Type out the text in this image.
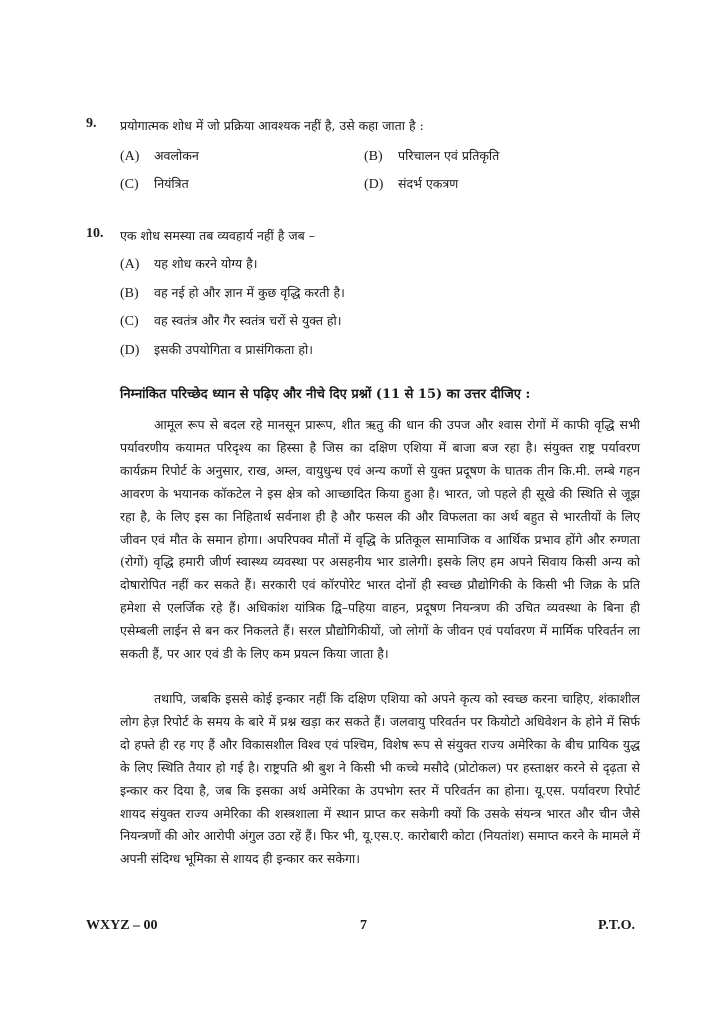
9. प्रयोगात्मक शोध में जो प्रक्रिया आवश्यक नहीं है, उसे कहा जाता है :
(A) अवलोकन	(B) परिचालन एवं प्रतिकृति
(C) नियंत्रित	(D) संदर्भ एकत्रण
10. एक शोध समस्या तब व्यवहार्य नहीं है जब –
(A) यह शोध करने योग्य है।
(B) वह नई हो और ज्ञान में कुछ वृद्धि करती है।
(C) वह स्वतंत्र और गैर स्वतंत्र चरों से युक्त हो।
(D) इसकी उपयोगिता व प्रासंगिकता हो।
निम्नांकित परिच्छेद ध्यान से पढ़िए और नीचे दिए प्रश्नों (11 से 15) का उत्तर दीजिए :

आमूल रूप से बदल रहे मानसून प्रारूप, शीत ऋतु की धान की उपज और श्वास रोगों में काफी वृद्धि सभी पर्यावरणीय कयामत परिदृश्य का हिस्सा है जिस का दक्षिण एशिया में बाजा बज रहा है। संयुक्त राष्ट्र पर्यावरण कार्यक्रम रिपोर्ट के अनुसार, राख, अम्ल, वायुधुन्ध एवं अन्य कणों से युक्त प्रदूषण के घातक तीन कि.मी. लम्बे गहन आवरण के भयानक कॉकटेल ने इस क्षेत्र को आच्छादित किया हुआ है। भारत, जो पहले ही सूखे की स्थिति से जूझ रहा है, के लिए इस का निहितार्थ सर्वनाश ही है और फसल की और विफलता का अर्थ बहुत से भारतीयों के लिए जीवन एवं मौत के समान होगा। अपरिपक्व मौतों में वृद्धि के प्रतिकूल सामाजिक व आर्थिक प्रभाव होंगे और रुग्णता (रोगों) वृद्धि हमारी जीर्ण स्वास्थ्य व्यवस्था पर असहनीय भार डालेगी। इसके लिए हम अपने सिवाय किसी अन्य को दोषारोपित नहीं कर सकते हैं। सरकारी एवं कॉरपोरेट भारत दोनों ही स्वच्छ प्रौद्योगिकी के किसी भी जिक्र के प्रति हमेशा से एलर्जिक रहे हैं। अधिकांश यांत्रिक द्वि–पहिया वाहन, प्रदूषण नियन्त्रण की उचित व्यवस्था के बिना ही एसेम्बली लाईन से बन कर निकलते हैं। सरल प्रौद्योगिकीयों, जो लोगों के जीवन एवं पर्यावरण में मार्मिक परिवर्तन ला सकती हैं, पर आर एवं डी के लिए कम प्रयत्न किया जाता है।

तथापि, जबकि इससे कोई इन्कार नहीं कि दक्षिण एशिया को अपने कृत्य को स्वच्छ करना चाहिए, शंकाशील लोग हेज़ रिपोर्ट के समय के बारे में प्रश्न खड़ा कर सकते हैं। जलवायु परिवर्तन पर कियोटो अधिवेशन के होने में सिर्फ दो हफ्ते ही रह गए हैं और विकासशील विश्व एवं पश्चिम, विशेष रूप से संयुक्त राज्य अमेरिका के बीच प्रायिक युद्ध के लिए स्थिति तैयार हो गई है। राष्ट्रपति श्री बुश ने किसी भी कच्चे मसौदे (प्रोटोकल) पर हस्ताक्षर करने से दृढ़ता से इन्कार कर दिया है, जब कि इसका अर्थ अमेरिका के उपभोग स्तर में परिवर्तन का होना। यू.एस. पर्यावरण रिपोर्ट शायद संयुक्त राज्य अमेरिका की शस्त्रशाला में स्थान प्राप्त कर सकेगी क्यों कि उसके संयन्त्र भारत और चीन जैसे नियन्त्रणों की ओर आरोपी अंगुल उठा रहें हैं। फिर भी, यू.एस.ए. कारोबारी कोटा (नियतांश) समाप्त करने के मामले में अपनी संदिग्ध भूमिका से शायद ही इन्कार कर सकेगा।

WXYZ – 00	7	P.T.O.
